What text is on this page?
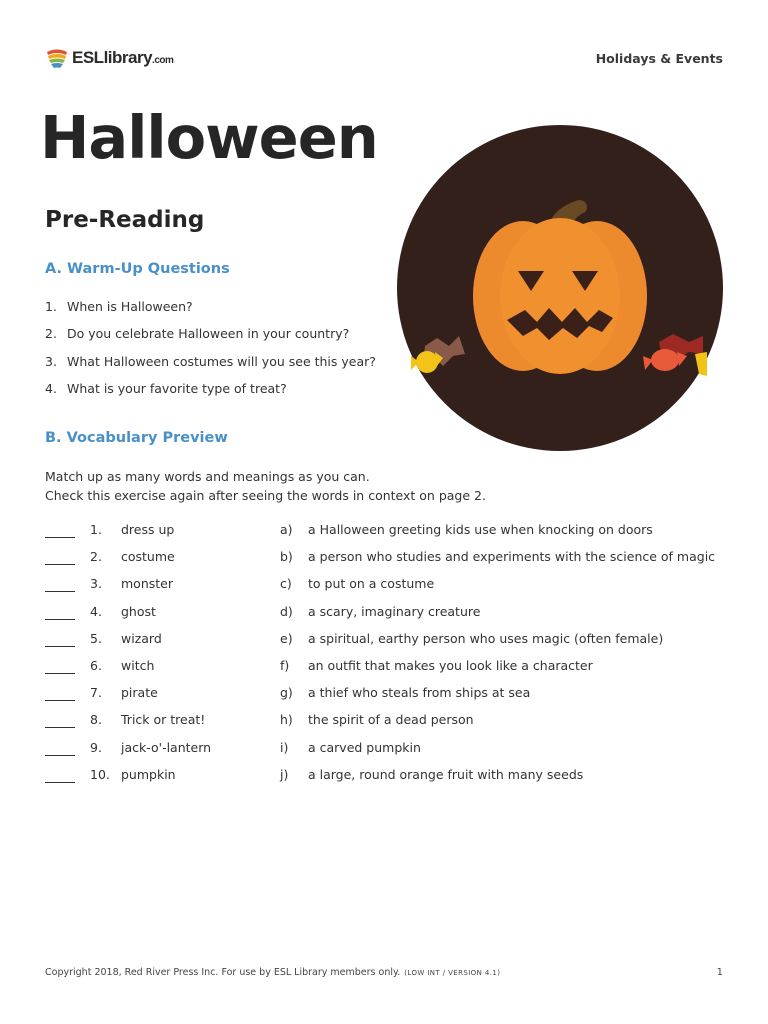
ESLlibrary.com	Holidays & Events
Halloween
Pre-Reading
A. Warm-Up Questions
1. When is Halloween?
2. Do you celebrate Halloween in your country?
3. What Halloween costumes will you see this year?
4. What is your favorite type of treat?
B. Vocabulary Preview
Match up as many words and meanings as you can.
Check this exercise again after seeing the words in context on page 2.
1. dress up	a) a Halloween greeting kids use when knocking on doors
2. costume	b) a person who studies and experiments with the science of magic
3. monster	c) to put on a costume
4. ghost	d) a scary, imaginary creature
5. wizard	e) a spiritual, earthy person who uses magic (often female)
6. witch	f) an outfit that makes you look like a character
7. pirate	g) a thief who steals from ships at sea
8. Trick or treat!	h) the spirit of a dead person
9. jack-o'-lantern	i) a carved pumpkin
10. pumpkin	j) a large, round orange fruit with many seeds
Copyright 2018, Red River Press Inc. For use by ESL Library members only. (LOW INT / VERSION 4.1)	1
